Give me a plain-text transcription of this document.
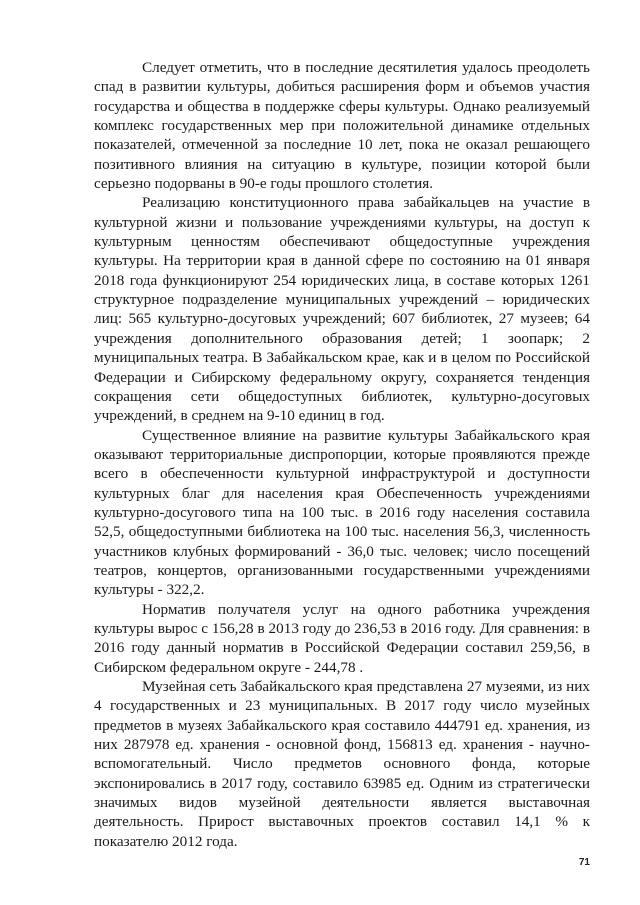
Следует отметить, что в последние десятилетия удалось преодолеть спад в развитии культуры, добиться расширения форм и объемов участия государства и общества в поддержке сферы культуры. Однако реализуемый комплекс государственных мер при положительной динамике отдельных показателей, отмеченной за последние 10 лет, пока не оказал решающего позитивного влияния на ситуацию в культуре, позиции которой были серьезно подорваны в 90-е годы прошлого столетия.

Реализацию конституционного права забайкальцев на участие в культурной жизни и пользование учреждениями культуры, на доступ к культурным ценностям обеспечивают общедоступные учреждения культуры. На территории края в данной сфере по состоянию на 01 января 2018 года функционируют 254 юридических лица, в составе которых 1261 структурное подразделение муниципальных учреждений – юридических лиц: 565 культурно-досуговых учреждений; 607 библиотек, 27 музеев; 64 учреждения дополнительного образования детей; 1 зоопарк; 2 муниципальных театра. В Забайкальском крае, как и в целом по Российской Федерации и Сибирскому федеральному округу, сохраняется тенденция сокращения сети общедоступных библиотек, культурно-досуговых учреждений, в среднем на 9-10 единиц в год.

Существенное влияние на развитие культуры Забайкальского края оказывают территориальные диспропорции, которые проявляются прежде всего в обеспеченности культурной инфраструктурой и доступности культурных благ для населения края Обеспеченность учреждениями культурно-досугового типа на 100 тыс. в 2016 году населения составила 52,5, общедоступными библиотека на 100 тыс. населения 56,3, численность участников клубных формирований - 36,0 тыс. человек; число посещений театров, концертов, организованными государственными учреждениями культуры - 322,2.

Норматив получателя услуг на одного работника учреждения культуры вырос с 156,28 в 2013 году до 236,53 в 2016 году. Для сравнения: в 2016 году данный норматив в Российской Федерации составил 259,56, в Сибирском федеральном округе - 244,78 .

Музейная сеть Забайкальского края представлена 27 музеями, из них 4 государственных и 23 муниципальных. В 2017 году число музейных предметов в музеях Забайкальского края составило 444791 ед. хранения, из них 287978 ед. хранения - основной фонд, 156813 ед. хранения - научно-вспомогательный. Число предметов основного фонда, которые экспонировались в 2017 году, составило 63985 ед. Одним из стратегически значимых видов музейной деятельности является выставочная деятельность. Прирост выставочных проектов составил 14,1 % к показателю 2012 года.

71
